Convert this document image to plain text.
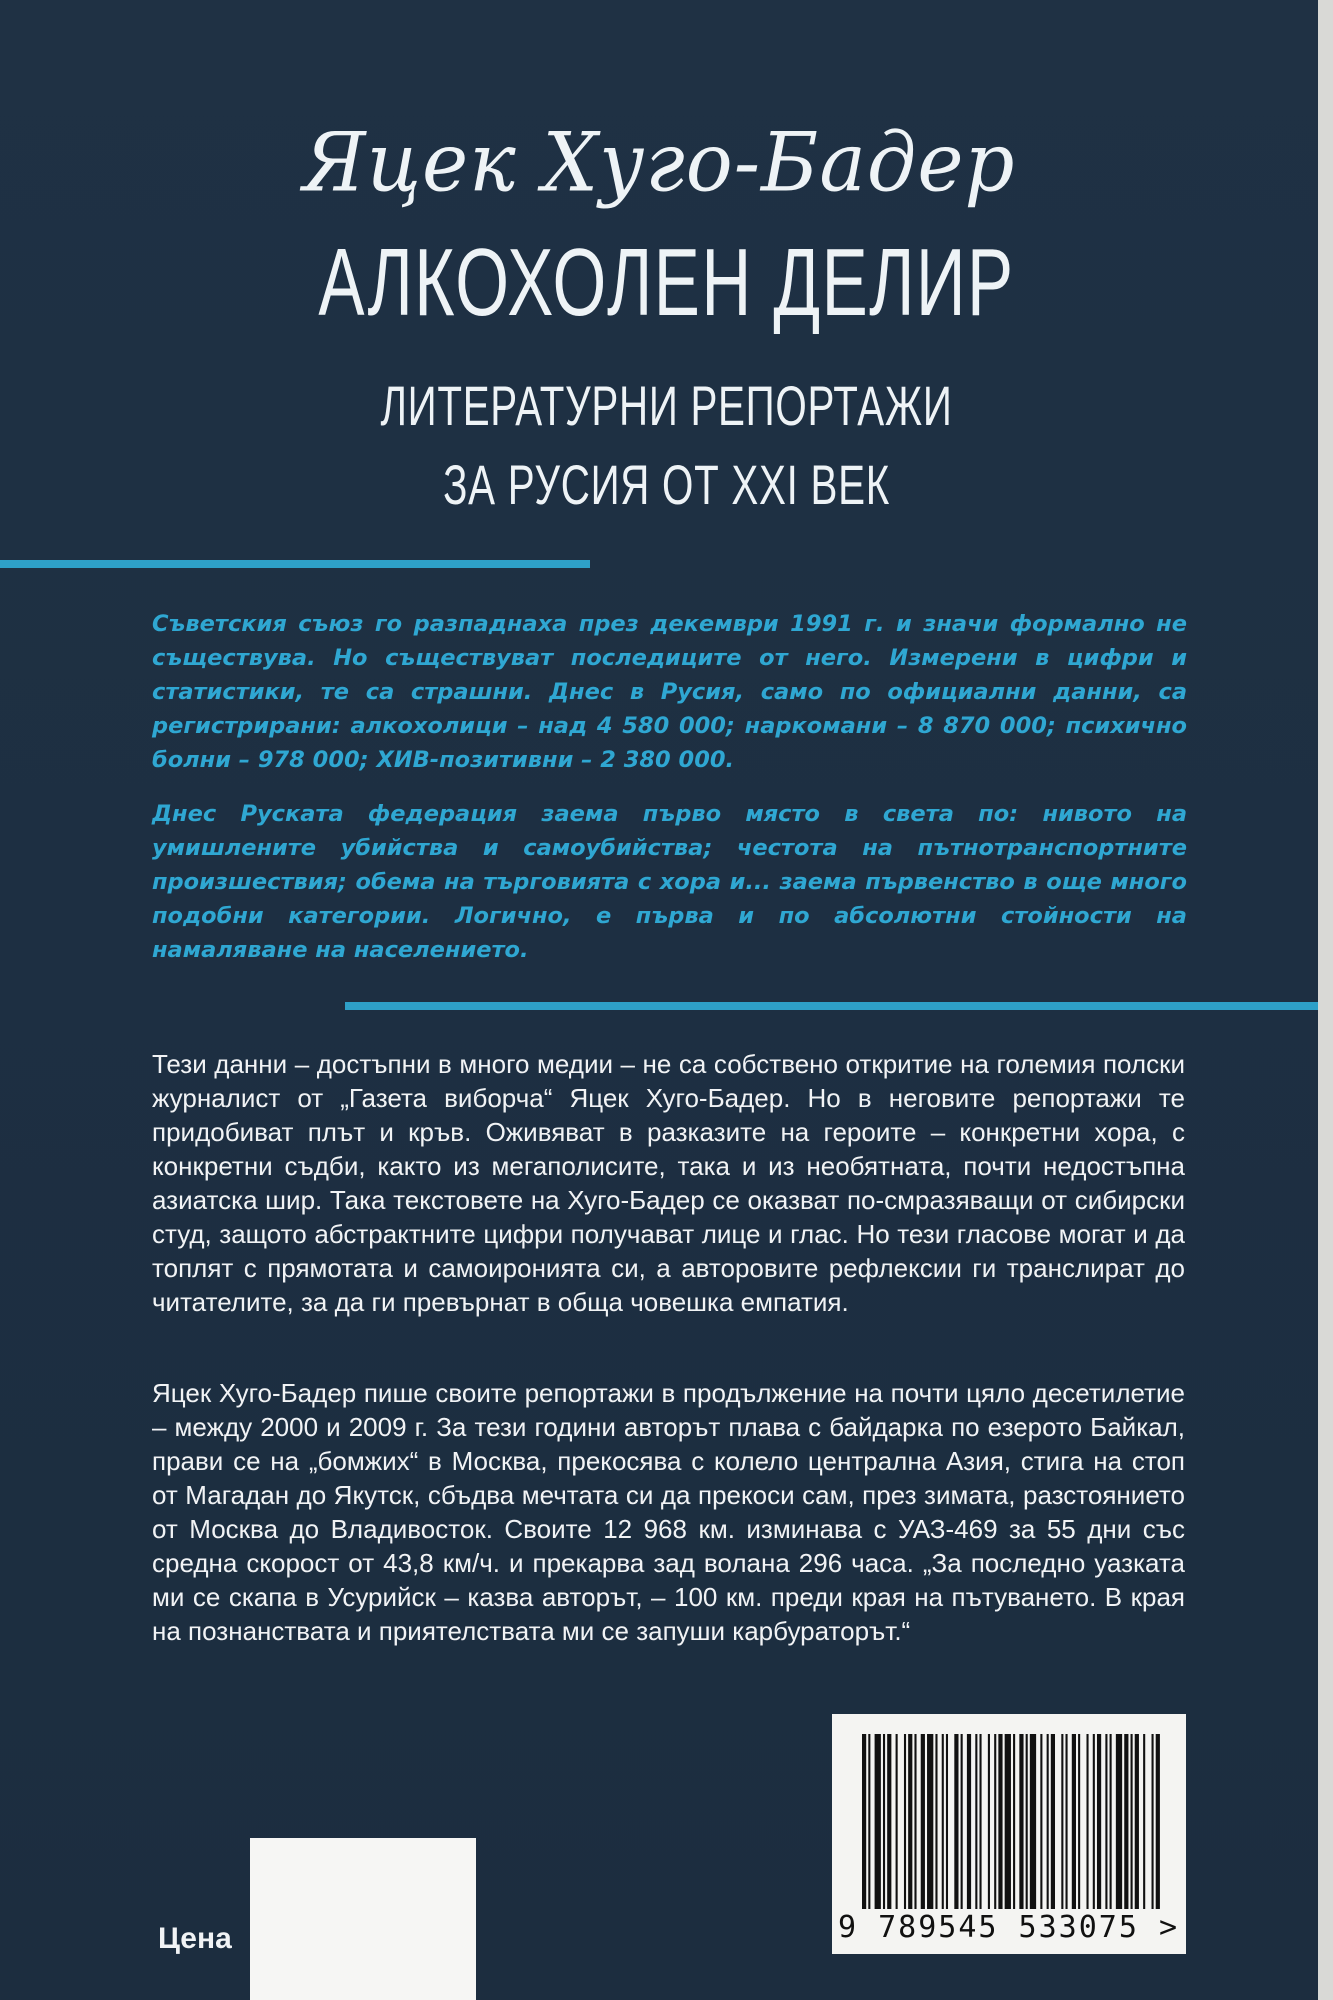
Яцек Хуго-Бадер
АЛКОХОЛЕН ДЕЛИР
ЛИТЕРАТУРНИ РЕПОРТАЖИ
ЗА РУСИЯ ОТ XXI ВЕК

Съветския съюз го разпаднаха през декември 1991 г. и значи формално не съществува. Но съществуват последиците от него. Измерени в цифри и статистики, те са страшни. Днес в Русия, само по официални данни, са регистрирани: алкохолици – над 4 580 000; наркомани – 8 870 000; психично болни – 978 000; ХИВ-позитивни – 2 380 000.

Днес Руската федерация заема първо място в света по: нивото на умишлените убийства и самоубийства; честота на пътнотранспортните произшествия; обема на търговията с хора и... заема първенство в още много подобни категории. Логично, е първа и по абсолютни стойности на намаляване на населението.

Тези данни – достъпни в много медии – не са собствено откритие на големия полски журналист от „Газета виборча“ Яцек Хуго-Бадер. Но в неговите репортажи те придобиват плът и кръв. Оживяват в разказите на героите – конкретни хора, с конкретни съдби, както из мегаполисите, така и из необятната, почти недостъпна азиатска шир. Така текстовете на Хуго-Бадер се оказват по-смразяващи от сибирски студ, защото абстрактните цифри получават лице и глас. Но тези гласове могат и да топлят с прямотата и самоиронията си, а авторовите рефлексии ги транслират до читателите, за да ги превърнат в обща човешка емпатия.

Яцек Хуго-Бадер пише своите репортажи в продължение на почти цяло десетилетие – между 2000 и 2009 г. За тези години авторът плава с байдарка по езерото Байкал, прави се на „бомжих“ в Москва, прекосява с колело централна Азия, стига на стоп от Магадан до Якутск, сбъдва мечтата си да прекоси сам, през зимата, разстоянието от Москва до Владивосток. Своите 12 968 км. изминава с УАЗ-469 за 55 дни със средна скорост от 43,8 км/ч. и прекарва зад волана 296 часа. „За последно уазката ми се скапа в Усурийск – казва авторът, – 100 км. преди края на пътуването. В края на познанствата и приятелствата ми се запуши карбураторът.“

Цена	9 789545 533075 >
